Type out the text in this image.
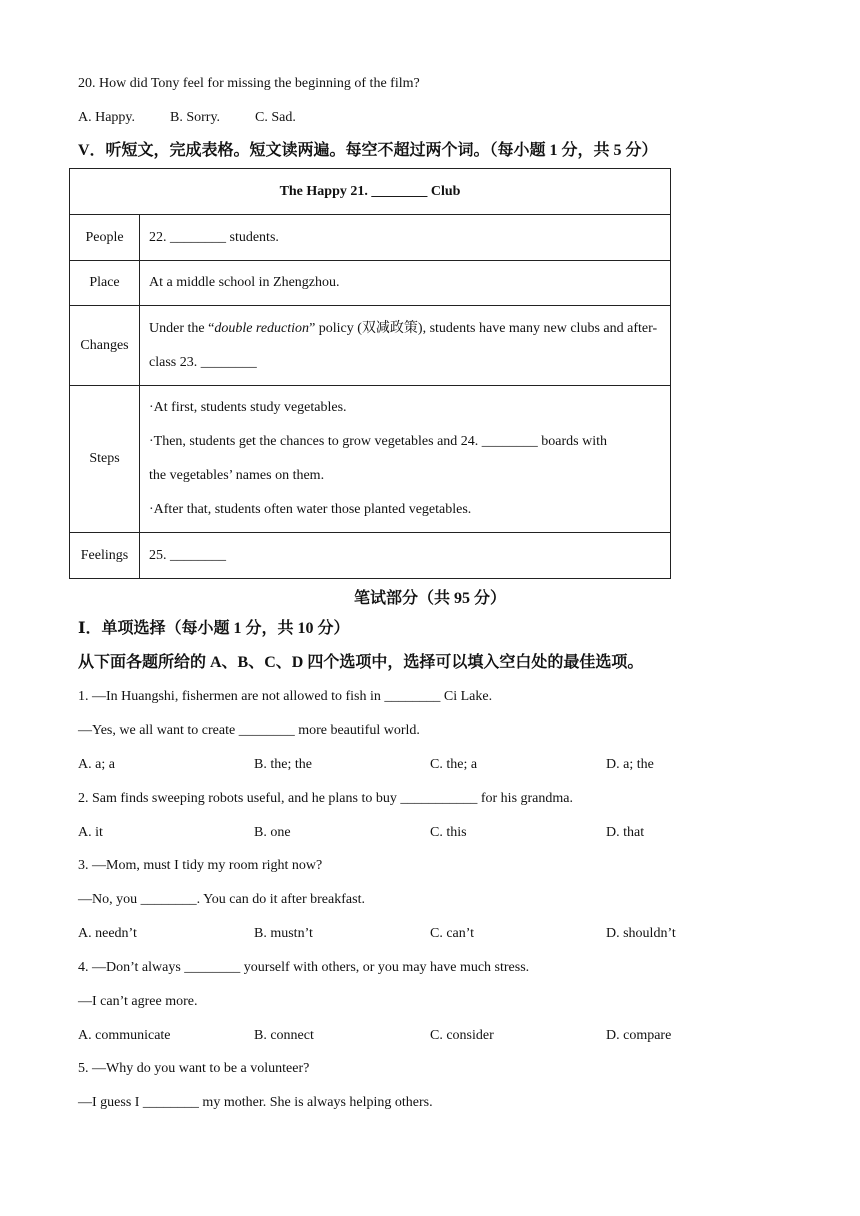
20. How did Tony feel for missing the beginning of the film?
A. Happy. B. Sorry. C. Sad.
V．听短文，完成表格。短文读两遍。每空不超过两个词。（每小题 1 分，共 5 分）
The Happy 21. ________ Club	
People	22. ________ students.

Place	At a middle school in Zhengzhou.

Changes	Under the “double reduction” policy (双减政策), students have many new clubs and after-class 23. ________

Steps	·At first, students study vegetables.

·Then, students get the chances to grow vegetables and 24. ________ boards with

the vegetables’ names on them.

·After that, students often water those planted vegetables.

Feelings	25. ________

笔试部分（共 95 分）
Ⅰ．单项选择（每小题 1 分，共 10 分）
从下面各题所给的 A、B、C、D 四个选项中，选择可以填入空白处的最佳选项。
1. —In Huangshi, fishermen are not allowed to fish in ________ Ci Lake.
—Yes, we all want to create ________ more beautiful world.
A. a; a	B. the; the	C. the; a	D. a; the
2. Sam finds sweeping robots useful, and he plans to buy ___________ for his grandma.
A. it	B. one	C. this	D. that
3. —Mom, must I tidy my room right now?
—No, you ________. You can do it after breakfast.
A. needn’t	B. mustn’t	C. can’t	D. shouldn’t
4. —Don’t always ________ yourself with others, or you may have much stress.
—I can’t agree more.
A. communicate	B. connect	C. consider	D. compare
5. —Why do you want to be a volunteer?
—I guess I ________ my mother. She is always helping others.
